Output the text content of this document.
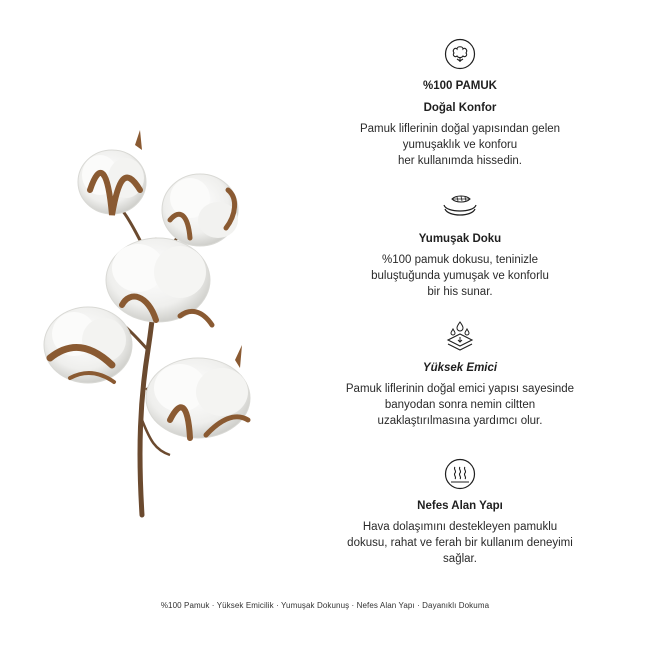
%100 PAMUK
Doğal Konfor
Pamuk liflerinin doğal yapısından gelen
yumuşaklık ve konforu
her kullanımda hissedin.
Yumuşak Doku
%100 pamuk dokusu, teninizle
buluştuğunda yumuşak ve konforlu
bir his sunar.
Yüksek Emici
Pamuk liflerinin doğal emici yapısı sayesinde
banyodan sonra nemin ciltten
uzaklaştırılmasına yardımcı olur.
Nefes Alan Yapı
Hava dolaşımını destekleyen pamuklu
dokusu, rahat ve ferah bir kullanım deneyimi
sağlar.
%100 Pamuk · Yüksek Emicilik · Yumuşak Dokunuş · Nefes Alan Yapı · Dayanıklı Dokuma
